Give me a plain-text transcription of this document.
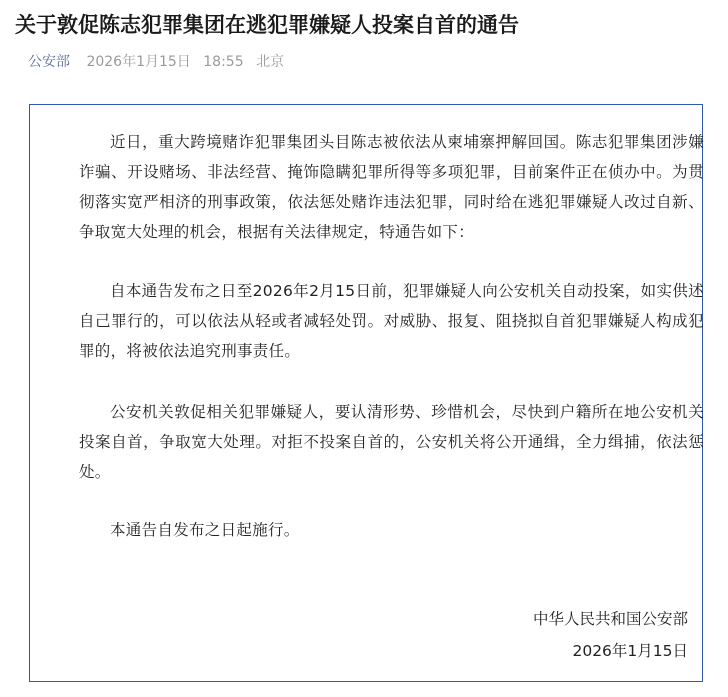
关于敦促陈志犯罪集团在逃犯罪嫌疑人投案自首的通告
公安部 2026年1月15日 18:55 北京

近日，重大跨境赌诈犯罪集团头目陈志被依法从柬埔寨押解回国。陈志犯罪集团涉嫌诈骗、开设赌场、非法经营、掩饰隐瞒犯罪所得等多项犯罪，目前案件正在侦办中。为贯彻落实宽严相济的刑事政策，依法惩处赌诈违法犯罪，同时给在逃犯罪嫌疑人改过自新、争取宽大处理的机会，根据有关法律规定，特通告如下：

自本通告发布之日至2026年2月15日前，犯罪嫌疑人向公安机关自动投案，如实供述自己罪行的，可以依法从轻或者减轻处罚。对威胁、报复、阻挠拟自首犯罪嫌疑人构成犯罪的，将被依法追究刑事责任。

公安机关敦促相关犯罪嫌疑人，要认清形势、珍惜机会，尽快到户籍所在地公安机关投案自首，争取宽大处理。对拒不投案自首的，公安机关将公开通缉，全力缉捕，依法惩处。

本通告自发布之日起施行。

中华人民共和国公安部
2026年1月15日
